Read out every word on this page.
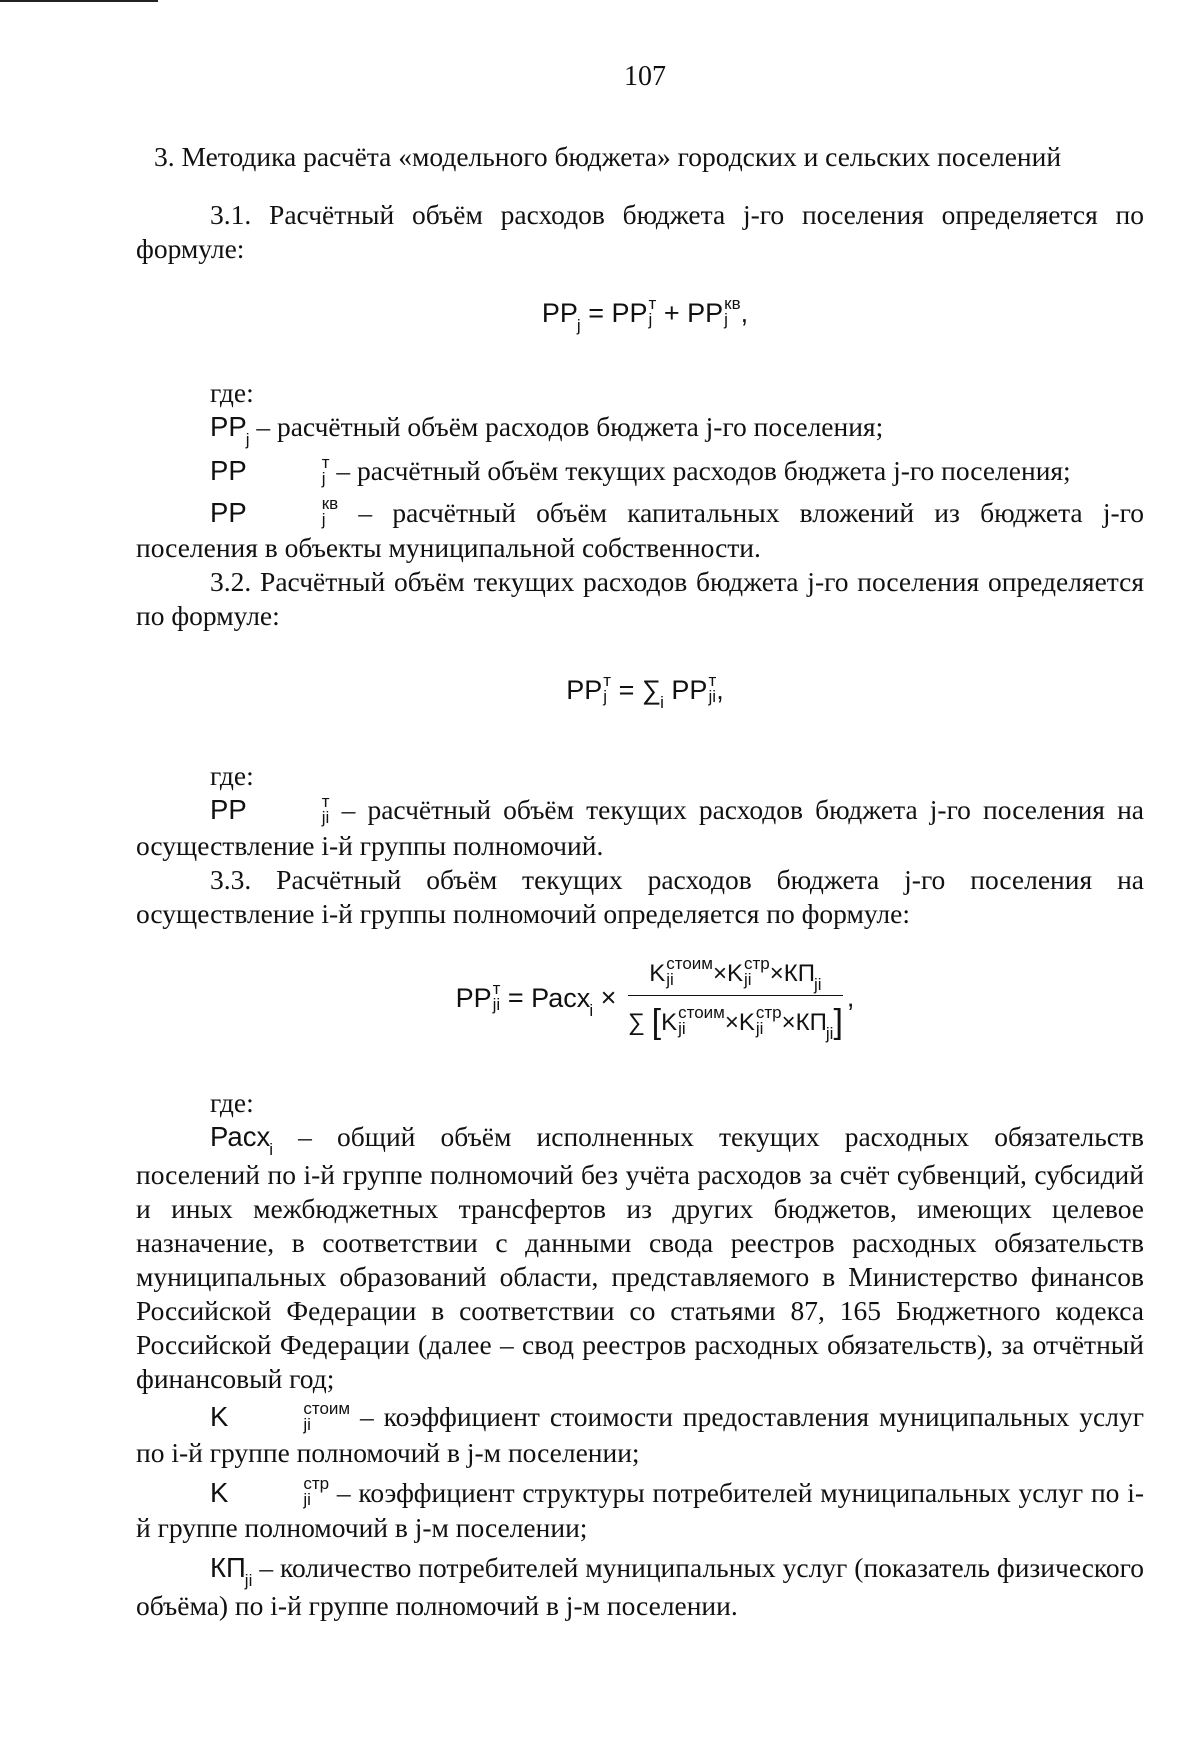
107

3. Методика расчёта «модельного бюджета» городских и сельских поселений

3.1. Расчётный объём расходов бюджета j-го поселения определяется по формуле:

$PP_j$ = PP т
j + PP кв
j ,

где:

$PP_j$ – расчётный объём расходов бюджета j-го поселения;

PP	т
j – расчётный объём текущих расходов бюджета j-го поселения;

PP	кв
j – расчётный объём капитальных вложений из бюджета j-го поселения в объекты муниципальной собственности.

3.2. Расчётный объём текущих расходов бюджета j-го поселения определяется по формуле:

PP т
$j = \sum_i$ PP т
ji ,

где:

PP	т
ji – расчётный объём текущих расходов бюджета j-го поселения на осуществление i-й группы полномочий.

3.3. Расчётный объём текущих расходов бюджета j-го поселения на осуществление i-й группы полномочий определяется по формуле:

PP т
ji = Расх$_i$ × K стоим
ji	×K стр
ji $\times КП_{ji}$
∑ [K стоим
ji	×K стр
ji $\times КП_{ji}$] ,

где:

Расх$_i$ – общий объём исполненных текущих расходных обязательств поселений по i-й группе полномочий без учёта расходов за счёт субвенций, субсидий и иных межбюджетных трансфертов из других бюджетов, имеющих целевое назначение, в соответствии с данными свода реестров расходных обязательств муниципальных образований области, представляемого в Министерство финансов Российской Федерации в соответствии со статьями 87, 165 Бюджетного кодекса Российской Федерации (далее – свод реестров расходных обязательств), за отчётный финансовый год;

K	стоим
ji	– коэффициент стоимости предоставления муниципальных услуг по i-й группе полномочий в j-м поселении;

K	стр
ji – коэффициент структуры потребителей муниципальных услуг по i-й группе полномочий в j-м поселении;

$КП_{ji}$ – количество потребителей муниципальных услуг (показатель физического объёма) по i-й группе полномочий в j-м поселении.
